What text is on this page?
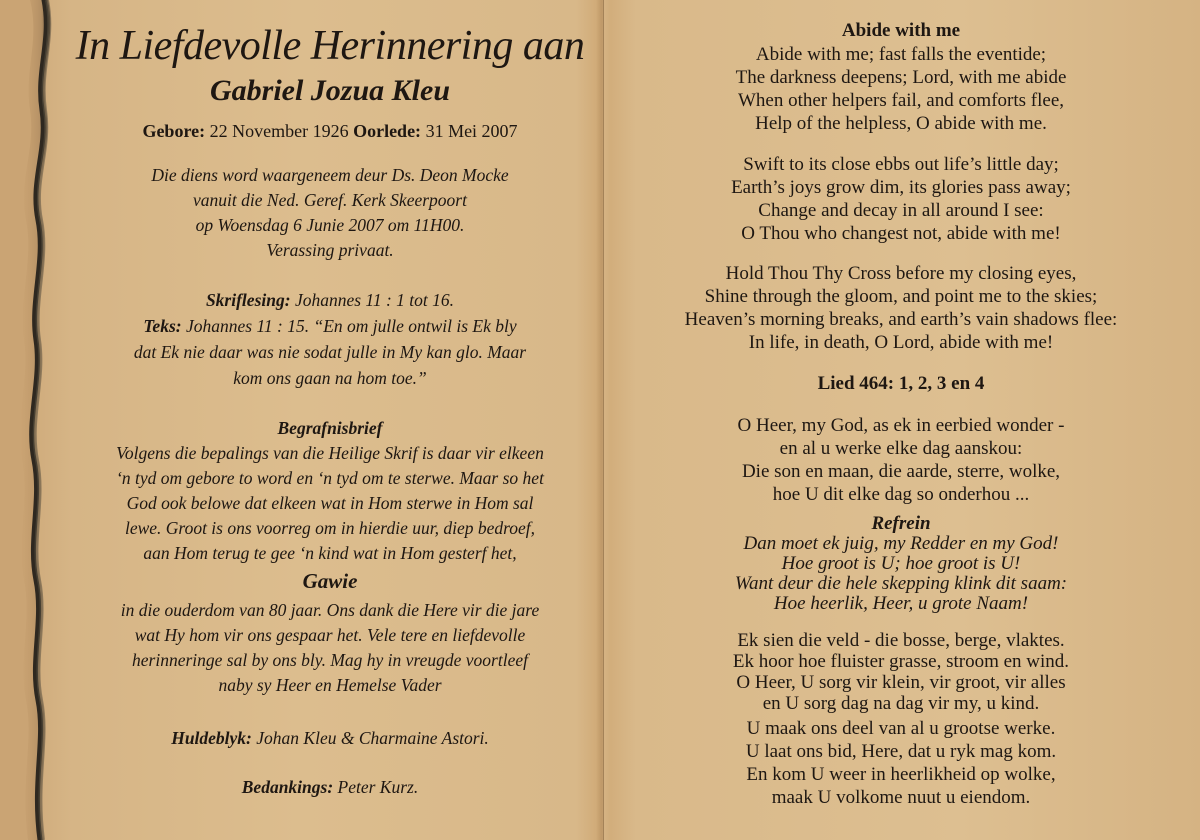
In Liefdevolle Herinnering aan
Gabriel Jozua Kleu
Gebore: 22 November 1926 Oorlede: 31 Mei 2007
Die diens word waargeneem deur Ds. Deon Mocke
vanuit die Ned. Geref. Kerk Skeerpoort
op Woensdag 6 Junie 2007 om 11H00.
Verassing privaat.
Skriflesing: Johannes 11 : 1 tot 16.
Teks: Johannes 11 : 15. “En om julle ontwil is Ek bly
dat Ek nie daar was nie sodat julle in My kan glo. Maar
kom ons gaan na hom toe.”
Begrafnisbrief
Volgens die bepalings van die Heilige Skrif is daar vir elkeen
‘n tyd om gebore to word en ‘n tyd om te sterwe. Maar so het
God ook belowe dat elkeen wat in Hom sterwe in Hom sal
lewe. Groot is ons voorreg om in hierdie uur, diep bedroef,
aan Hom terug te gee ‘n kind wat in Hom gesterf het,
Gawie
in die ouderdom van 80 jaar. Ons dank die Here vir die jare
wat Hy hom vir ons gespaar het. Vele tere en liefdevolle
herinneringe sal by ons bly. Mag hy in vreugde voortleef
naby sy Heer en Hemelse Vader
Huldeblyk: Johan Kleu & Charmaine Astori.
Bedankings: Peter Kurz.
Abide with me
Abide with me; fast falls the eventide;
The darkness deepens; Lord, with me abide
When other helpers fail, and comforts flee,
Help of the helpless, O abide with me.
Swift to its close ebbs out life’s little day;
Earth’s joys grow dim, its glories pass away;
Change and decay in all around I see:
O Thou who changest not, abide with me!
Hold Thou Thy Cross before my closing eyes,
Shine through the gloom, and point me to the skies;
Heaven’s morning breaks, and earth’s vain shadows flee:
In life, in death, O Lord, abide with me!
Lied 464: 1, 2, 3 en 4
O Heer, my God, as ek in eerbied wonder -
en al u werke elke dag aanskou:
Die son en maan, die aarde, sterre, wolke,
hoe U dit elke dag so onderhou ...
Refrein
Dan moet ek juig, my Redder en my God!
Hoe groot is U; hoe groot is U!
Want deur die hele skepping klink dit saam:
Hoe heerlik, Heer, u grote Naam!
Ek sien die veld - die bosse, berge, vlaktes.
Ek hoor hoe fluister grasse, stroom en wind.
O Heer, U sorg vir klein, vir groot, vir alles
en U sorg dag na dag vir my, u kind.
U maak ons deel van al u grootse werke.
U laat ons bid, Here, dat u ryk mag kom.
En kom U weer in heerlikheid op wolke,
maak U volkome nuut u eiendom.
